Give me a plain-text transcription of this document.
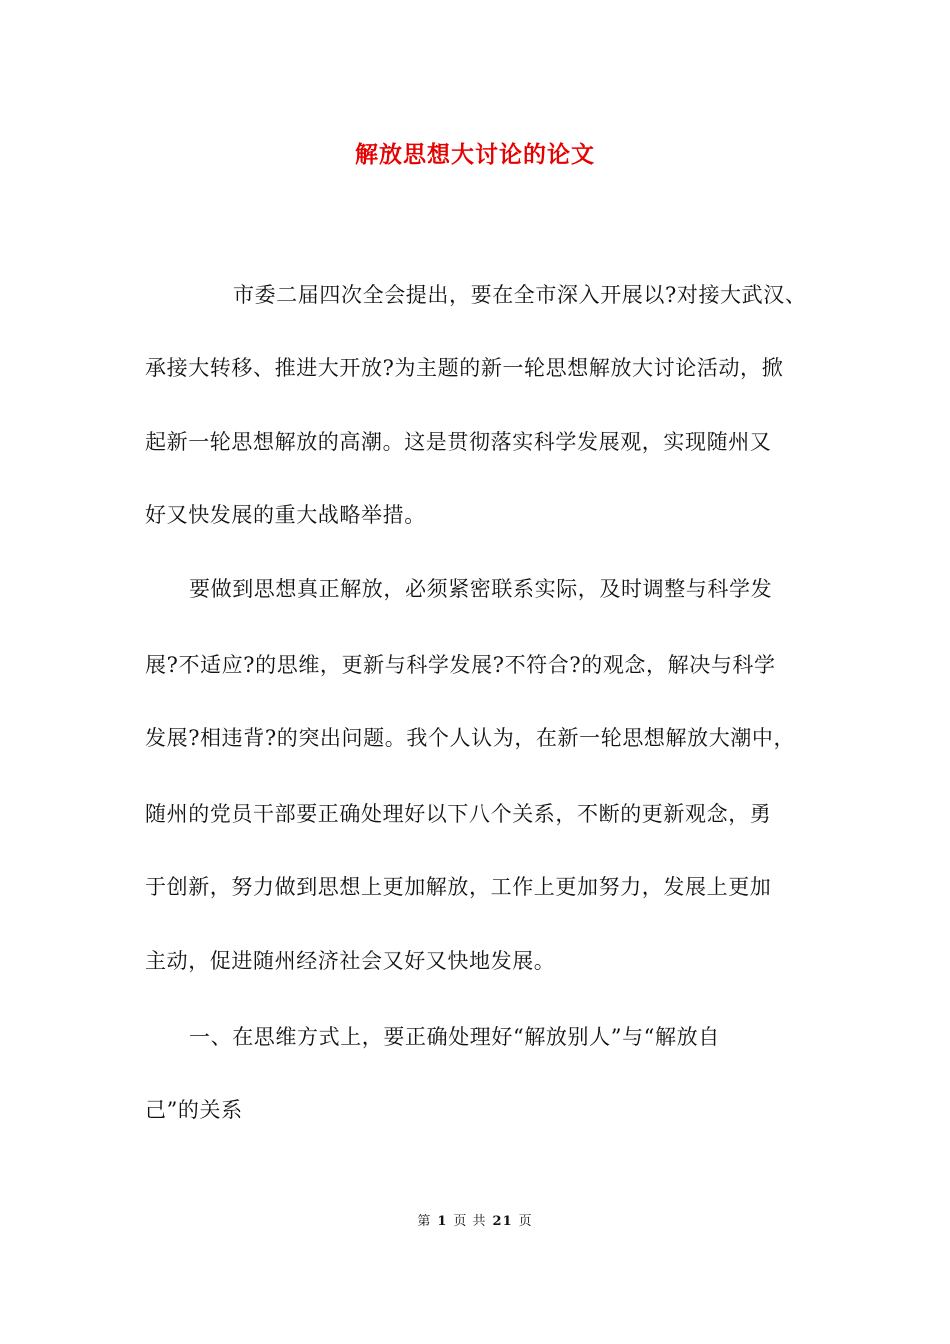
解放思想大讨论的论文
市委二届四次全会提出，要在全市深入开展以?对接大武汉、
承接大转移、推进大开放?为主题的新一轮思想解放大讨论活动，掀
起新一轮思想解放的高潮。这是贯彻落实科学发展观，实现随州又
好又快发展的重大战略举措。
要做到思想真正解放，必须紧密联系实际，及时调整与科学发
展?不适应?的思维，更新与科学发展?不符合?的观念，解决与科学
发展?相违背?的突出问题。我个人认为，在新一轮思想解放大潮中，
随州的党员干部要正确处理好以下八个关系，不断的更新观念，勇
于创新，努力做到思想上更加解放，工作上更加努力，发展上更加
主动，促进随州经济社会又好又快地发展。
一、在思维方式上，要正确处理好“解放别人”与“解放自
己”的关系
第 1 页 共 21 页
